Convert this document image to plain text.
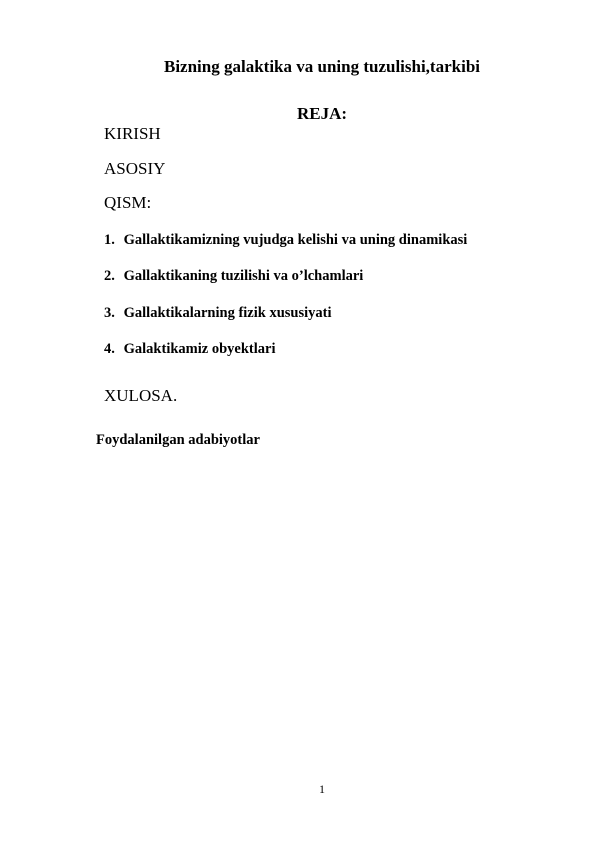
Bizning galaktika va uning tuzulishi,tarkibi
REJA:
KIRISH
ASOSIY
QISM:
1. Gallaktikamizning vujudga kelishi va uning dinamikasi
2. Gallaktikaning tuzilishi va o’lchamlari
3. Gallaktikalarning fizik xususiyati
4. Galaktikamiz obyektlari
XULOSA.
Foydalanilgan adabiyotlar
1
